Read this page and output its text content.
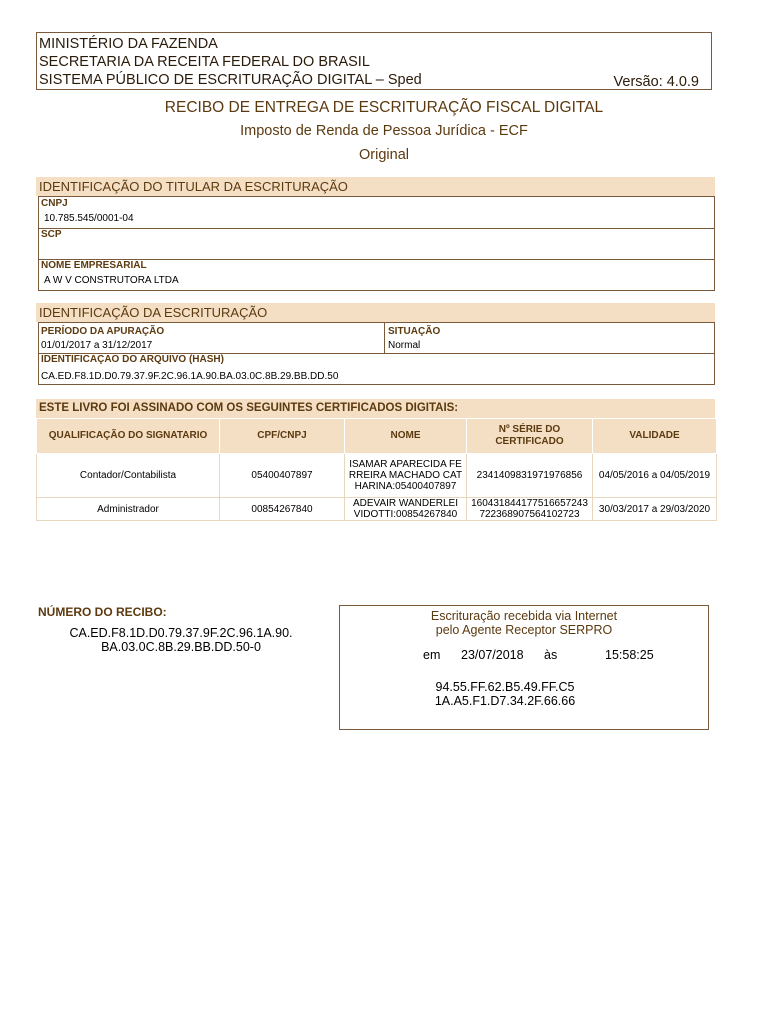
MINISTÉRIO DA FAZENDA
SECRETARIA DA RECEITA FEDERAL DO BRASIL
SISTEMA PÚBLICO DE ESCRITURAÇÃO DIGITAL – Sped	Versão: 4.0.9
RECIBO DE ENTREGA DE ESCRITURAÇÃO FISCAL DIGITAL
Imposto de Renda de Pessoa Jurídica - ECF
Original
IDENTIFICAÇÃO DO TITULAR DA ESCRITURAÇÃO
CNPJ
10.785.545/0001-04
SCP
NOME EMPRESARIAL
A W V CONSTRUTORA LTDA
IDENTIFICAÇÃO DA ESCRITURAÇÃO
PERÍODO DA APURAÇÃO
01/01/2017 a 31/12/2017
SITUAÇÃO
Normal
IDENTIFICAÇAO DO ARQUIVO (HASH)
CA.ED.F8.1D.D0.79.37.9F.2C.96.1A.90.BA.03.0C.8B.29.BB.DD.50
ESTE LIVRO FOI ASSINADO COM OS SEGUINTES CERTIFICADOS DIGITAIS:
QUALIFICAÇÃO DO SIGNATARIO	CPF/CNPJ	NOME	Nº SÉRIE DO CERTIFICADO	VALIDADE
Contador/Contabilista	05400407897	ISAMAR APARECIDA FERREIRA MACHADO CATHARINA:05400407897	2341409831971976856	04/05/2016 a 04/05/2019
Administrador	00854267840	ADEVAIR WANDERLEI VIDOTTI:00854267840	160431844177516657243722368907564102723	30/03/2017 a 29/03/2020
NÚMERO DO RECIBO:
CA.ED.F8.1D.D0.79.37.9F.2C.96.1A.90.
BA.03.0C.8B.29.BB.DD.50-0
Escrituração recebida via Internet
pelo Agente Receptor SERPRO
em 23/07/2018 às	15:58:25
94.55.FF.62.B5.49.FF.C5
1A.A5.F1.D7.34.2F.66.66
